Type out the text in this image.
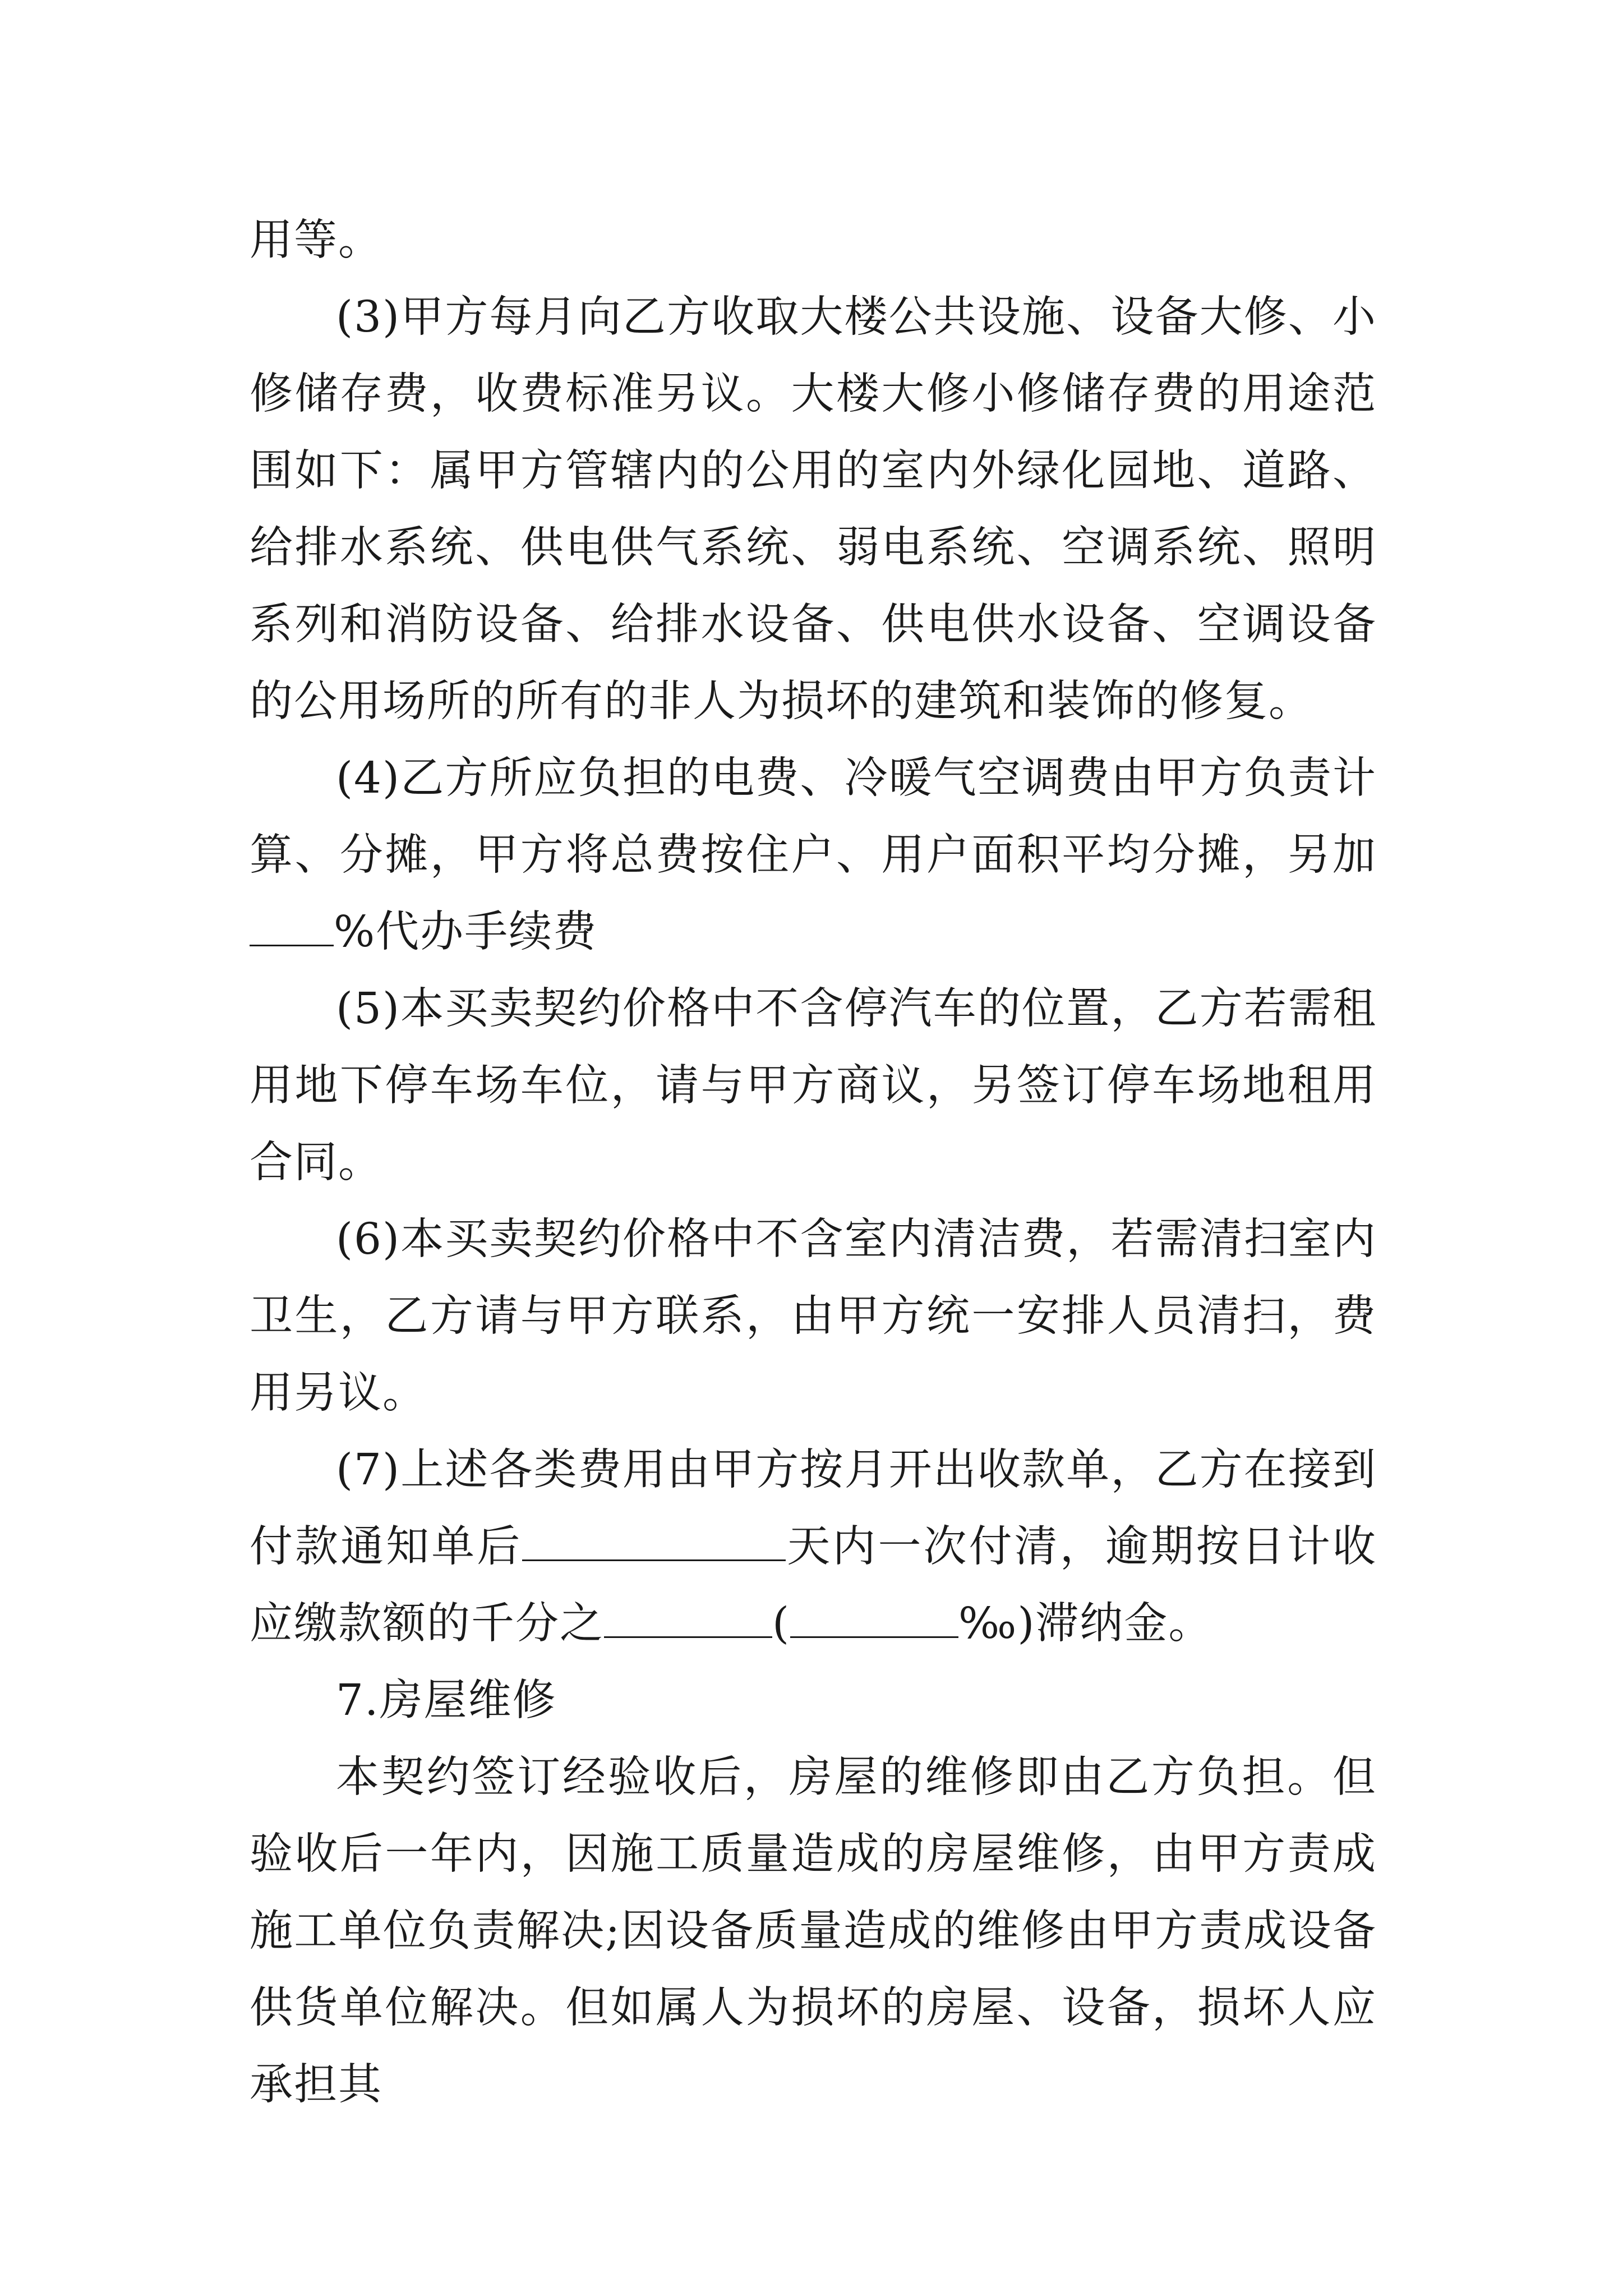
用等。

(3)甲方每月向乙方收取大楼公共设施、设备大修、小修储存费，收费标准另议。大楼大修小修储存费的用途范围如下：属甲方管辖内的公用的室内外绿化园地、道路、给排水系统、供电供气系统、弱电系统、空调系统、照明系列和消防设备、给排水设备、供电供水设备、空调设备的公用场所的所有的非人为损坏的建筑和装饰的修复。

(4)乙方所应负担的电费、冷暖气空调费由甲方负责计算、分摊，甲方将总费按住户、用户面积平均分摊，另加%代办手续费

(5)本买卖契约价格中不含停汽车的位置，乙方若需租用地下停车场车位，请与甲方商议，另签订停车场地租用合同。

(6)本买卖契约价格中不含室内清洁费，若需清扫室内卫生，乙方请与甲方联系，由甲方统一安排人员清扫，费用另议。

(7)上述各类费用由甲方按月开出收款单，乙方在接到付款通知单后	天内一次付清，逾期按日计收应缴款额的千分之	(	‰)滞纳金。

7.房屋维修

本契约签订经验收后，房屋的维修即由乙方负担。但验收后一年内，因施工质量造成的房屋维修，由甲方责成施工单位负责解决;因设备质量造成的维修由甲方责成设备供货单位解决。但如属人为损坏的房屋、设备，损坏人应承担其
